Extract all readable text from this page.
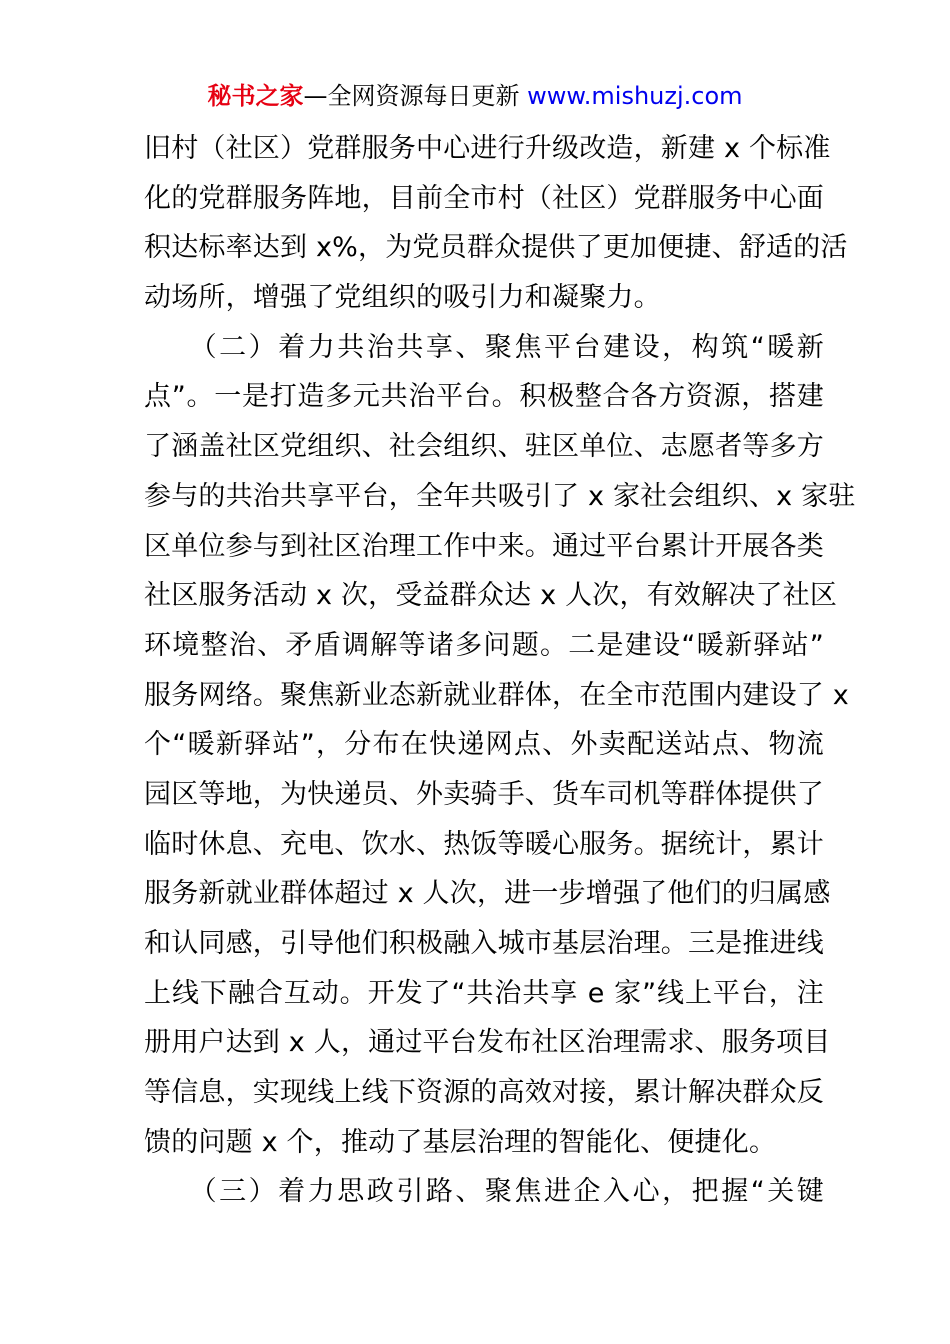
秘书之家—全网资源每日更新 www.mishuzj.com
旧村（社区）党群服务中心进行升级改造，新建 x 个标准
化的党群服务阵地，目前全市村（社区）党群服务中心面
积达标率达到 x%，为党员群众提供了更加便捷、舒适的活
动场所，增强了党组织的吸引力和凝聚力。
　　（二）着力共治共享、聚焦平台建设，构筑“暖新
点”。一是打造多元共治平台。积极整合各方资源，搭建
了涵盖社区党组织、社会组织、驻区单位、志愿者等多方
参与的共治共享平台，全年共吸引了 x 家社会组织、x 家驻
区单位参与到社区治理工作中来。通过平台累计开展各类
社区服务活动 x 次，受益群众达 x 人次，有效解决了社区
环境整治、矛盾调解等诸多问题。二是建设“暖新驿站”
服务网络。聚焦新业态新就业群体，在全市范围内建设了 x
个“暖新驿站”，分布在快递网点、外卖配送站点、物流
园区等地，为快递员、外卖骑手、货车司机等群体提供了
临时休息、充电、饮水、热饭等暖心服务。据统计，累计
服务新就业群体超过 x 人次，进一步增强了他们的归属感
和认同感，引导他们积极融入城市基层治理。三是推进线
上线下融合互动。开发了“共治共享 e 家”线上平台，注
册用户达到 x 人，通过平台发布社区治理需求、服务项目
等信息，实现线上线下资源的高效对接，累计解决群众反
馈的问题 x 个，推动了基层治理的智能化、便捷化。
　　（三）着力思政引路、聚焦进企入心，把握“关键
